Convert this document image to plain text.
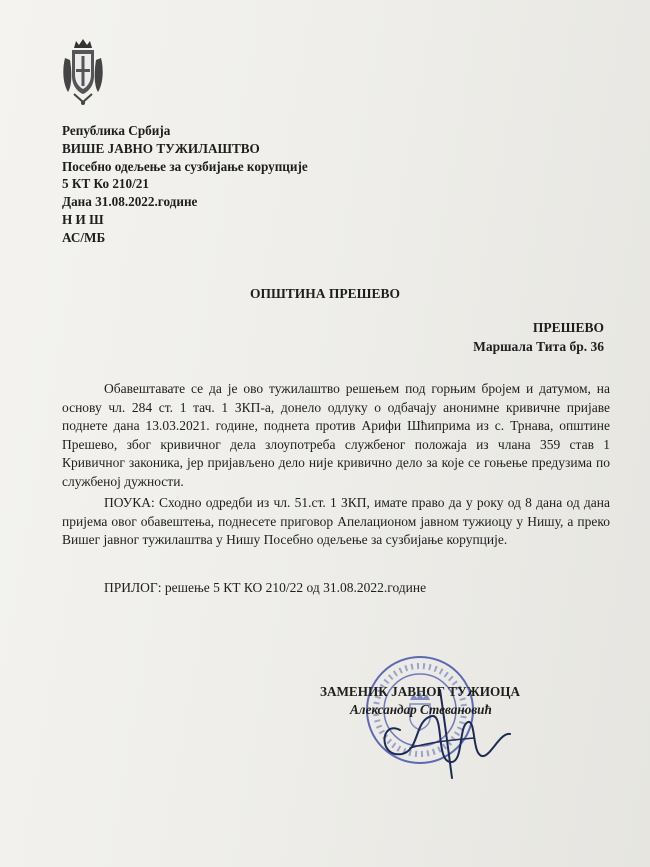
Република Србија
ВИШЕ ЈАВНО ТУЖИЛАШТВО
Посебно одељење за сузбијање корупције
5 КТ Ко 210/21
Дана 31.08.2022.године
Н И Ш
АС/МБ
ОПШТИНА ПРЕШЕВО
ПРЕШЕВО
Маршала Тита бр. 36
Обавештавате се да је ово тужилаштво решењем под горњим бројем и датумом, на основу чл. 284 ст. 1 тач. 1 ЗКП-а, донело одлуку о одбачају анонимне кривичне пријаве поднете дана 13.03.2021. године, поднета против Арифи Шћиприма из с. Трнава, општине Прешево, због кривичног дела злоупотреба службеног положаја из члана 359 став 1 Кривичног законика, јер пријављено дело није кривично дело за које се гоњење предузима по службеној дужности.
ПОУКА: Сходно одредби из чл. 51.ст. 1 ЗКП, имате право да у року од 8 дана од дана пријема овог обавештења, поднесете приговор Апелационом јавном тужиоцу у Нишу, а преко Вишег јавног тужилаштва у Нишу Посебно одељење за сузбијање корупције.
ПРИЛОГ: решење 5 КТ КО 210/22 од 31.08.2022.године
ЗАМЕНИК ЈАВНОГ ТУЖИОЦА
Александар Стевановић
